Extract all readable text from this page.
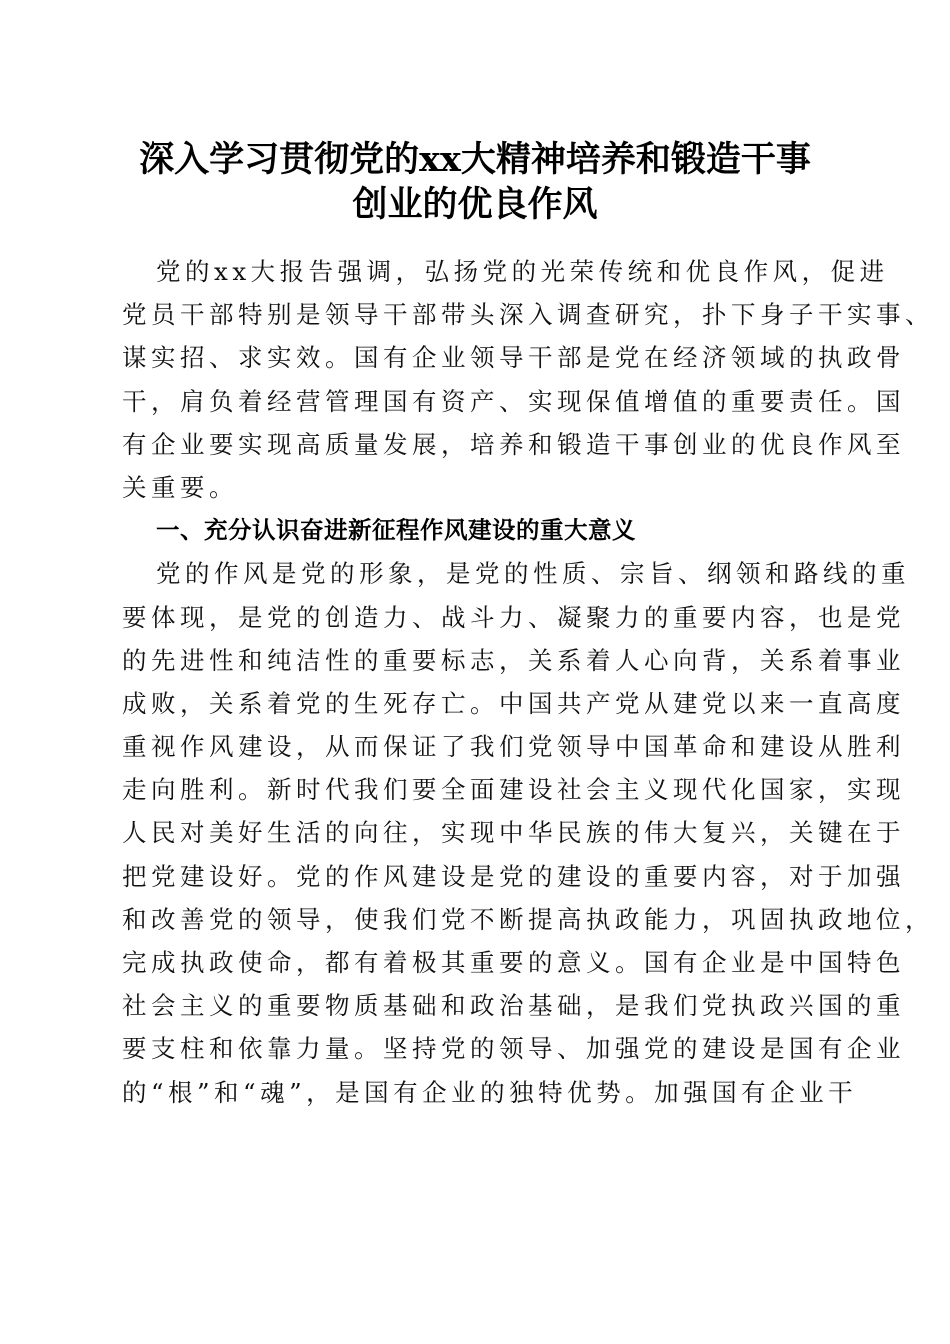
深入学习贯彻党的xx大精神培养和锻造干事
创业的优良作风

党的xx大报告强调，弘扬党的光荣传统和优良作风，促进

党员干部特别是领导干部带头深入调查研究，扑下身子干实事、

谋实招、求实效。国有企业领导干部是党在经济领域的执政骨

干，肩负着经营管理国有资产、实现保值增值的重要责任。国

有企业要实现高质量发展，培养和锻造干事创业的优良作风至

关重要。

一、充分认识奋进新征程作风建设的重大意义

党的作风是党的形象，是党的性质、宗旨、纲领和路线的重

要体现，是党的创造力、战斗力、凝聚力的重要内容，也是党

的先进性和纯洁性的重要标志，关系着人心向背，关系着事业

成败，关系着党的生死存亡。中国共产党从建党以来一直高度

重视作风建设，从而保证了我们党领导中国革命和建设从胜利

走向胜利。新时代我们要全面建设社会主义现代化国家，实现

人民对美好生活的向往，实现中华民族的伟大复兴，关键在于

把党建设好。党的作风建设是党的建设的重要内容，对于加强

和改善党的领导，使我们党不断提高执政能力，巩固执政地位，

完成执政使命，都有着极其重要的意义。国有企业是中国特色

社会主义的重要物质基础和政治基础，是我们党执政兴国的重

要支柱和依靠力量。坚持党的领导、加强党的建设是国有企业

的“根”和“魂”，是国有企业的独特优势。加强国有企业干
